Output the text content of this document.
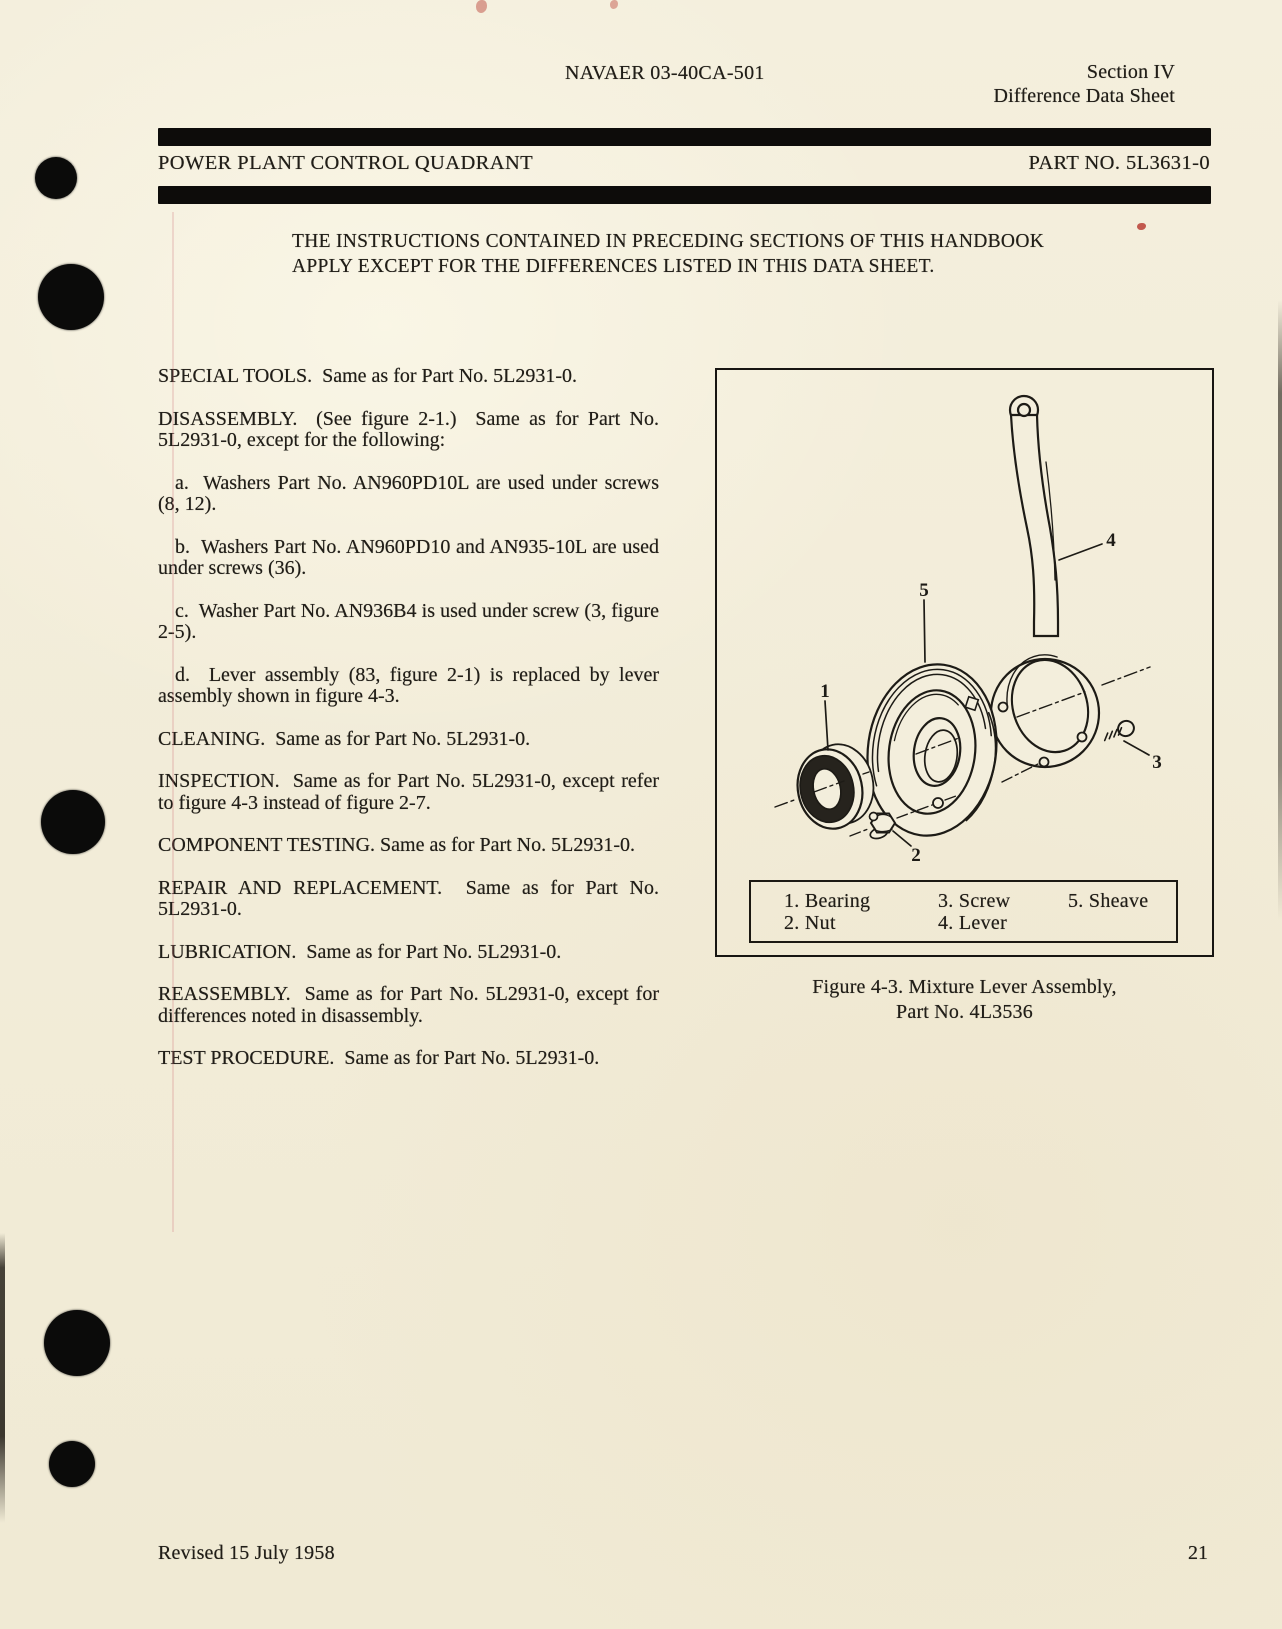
NAVAER 03-40CA-501	Section IV
Difference Data Sheet
POWER PLANT CONTROL QUADRANT	PART NO. 5L3631-0
THE INSTRUCTIONS CONTAINED IN PRECEDING SECTIONS OF THIS HANDBOOK
APPLY EXCEPT FOR THE DIFFERENCES LISTED IN THIS DATA SHEET.

SPECIAL TOOLS.  Same as for Part No. 5L2931-0.

DISASSEMBLY.  (See figure 2-1.)  Same as for Part No. 5L2931-0, except for the following:

a.  Washers Part No. AN960PD10L are used under screws (8, 12).

b.  Washers Part No. AN960PD10 and AN935-10L are used under screws (36).

c.  Washer Part No. AN936B4 is used under screw (3, figure 2-5).

d.  Lever assembly (83, figure 2-1) is replaced by lever assembly shown in figure 4-3.

CLEANING.  Same as for Part No. 5L2931-0.

INSPECTION.  Same as for Part No. 5L2931-0, except refer to figure 4-3 instead of figure 2-7.

COMPONENT TESTING. Same as for Part No. 5L2931-0.

REPAIR AND REPLACEMENT.  Same as for Part No. 5L2931-0.

LUBRICATION.  Same as for Part No. 5L2931-0.

REASSEMBLY.  Same as for Part No. 5L2931-0, except for differences noted in disassembly.

TEST PROCEDURE.  Same as for Part No. 5L2931-0.

1
2
3
4
5
1. Bearing	3. Screw	5. Sheave
2. Nut	4. Lever
Figure 4-3. Mixture Lever Assembly,
Part No. 4L3536
Revised 15 July 1958	21
